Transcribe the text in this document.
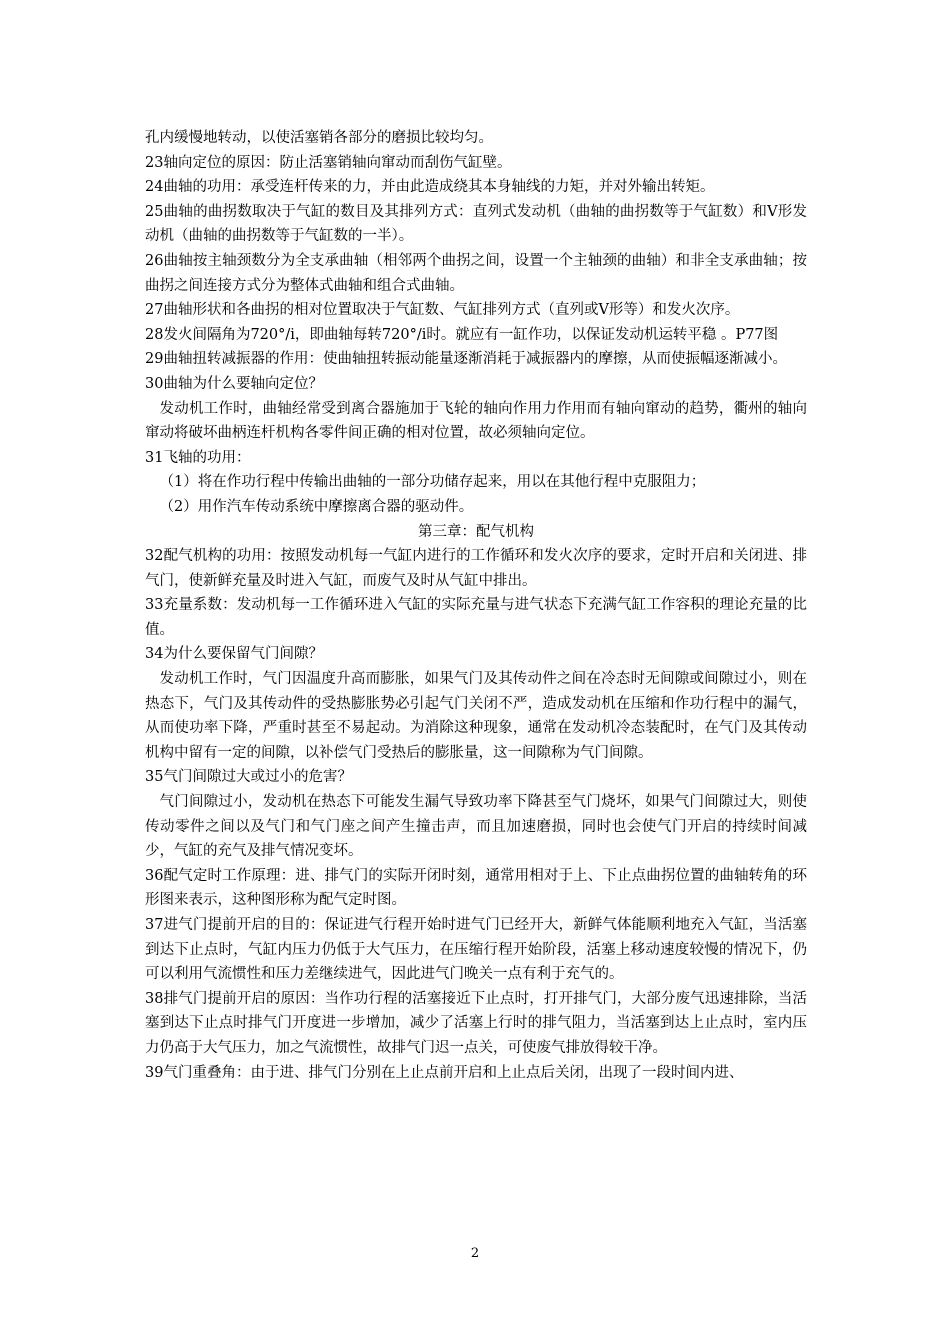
孔内缓慢地转动，以使活塞销各部分的磨损比较均匀。

23轴向定位的原因：防止活塞销轴向窜动而刮伤气缸壁。

24曲轴的功用：承受连杆传来的力，并由此造成绕其本身轴线的力矩，并对外输出转矩。

25曲轴的曲拐数取决于气缸的数目及其排列方式：直列式发动机（曲轴的曲拐数等于气缸数）和V形发动机（曲轴的曲拐数等于气缸数的一半）。

26曲轴按主轴颈数分为全支承曲轴（相邻两个曲拐之间，设置一个主轴颈的曲轴）和非全支承曲轴；按曲拐之间连接方式分为整体式曲轴和组合式曲轴。

27曲轴形状和各曲拐的相对位置取决于气缸数、气缸排列方式（直列或V形等）和发火次序。

28发火间隔角为720°/i，即曲轴每转720°/i时。就应有一缸作功，以保证发动机运转平稳 。P77图

29曲轴扭转减振器的作用：使曲轴扭转振动能量逐渐消耗于减振器内的摩擦，从而使振幅逐渐减小。

30曲轴为什么要轴向定位？

发动机工作时，曲轴经常受到离合器施加于飞轮的轴向作用力作用而有轴向窜动的趋势，衢州的轴向窜动将破坏曲柄连杆机构各零件间正确的相对位置，故必须轴向定位。

31飞轴的功用：

（1）将在作功行程中传输出曲轴的一部分功储存起来，用以在其他行程中克服阻力；

（2）用作汽车传动系统中摩擦离合器的驱动件。

第三章：配气机构

32配气机构的功用：按照发动机每一气缸内进行的工作循环和发火次序的要求，定时开启和关闭进、排气门，使新鲜充量及时进入气缸，而废气及时从气缸中排出。

33充量系数：发动机每一工作循环进入气缸的实际充量与进气状态下充满气缸工作容积的理论充量的比值。

34为什么要保留气门间隙？

发动机工作时，气门因温度升高而膨胀，如果气门及其传动件之间在冷态时无间隙或间隙过小，则在热态下，气门及其传动件的受热膨胀势必引起气门关闭不严，造成发动机在压缩和作功行程中的漏气，从而使功率下降，严重时甚至不易起动。为消除这种现象，通常在发动机冷态装配时，在气门及其传动机构中留有一定的间隙，以补偿气门受热后的膨胀量，这一间隙称为气门间隙。

35气门间隙过大或过小的危害？

气门间隙过小，发动机在热态下可能发生漏气导致功率下降甚至气门烧坏，如果气门间隙过大，则使传动零件之间以及气门和气门座之间产生撞击声，而且加速磨损，同时也会使气门开启的持续时间减少，气缸的充气及排气情况变坏。

36配气定时工作原理：进、排气门的实际开闭时刻，通常用相对于上、下止点曲拐位置的曲轴转角的环形图来表示，这种图形称为配气定时图。

37进气门提前开启的目的：保证进气行程开始时进气门已经开大，新鲜气体能顺利地充入气缸，当活塞到达下止点时，气缸内压力仍低于大气压力，在压缩行程开始阶段，活塞上移动速度较慢的情况下，仍可以利用气流惯性和压力差继续进气，因此进气门晚关一点有利于充气的。

38排气门提前开启的原因：当作功行程的活塞接近下止点时，打开排气门，大部分废气迅速排除，当活塞到达下止点时排气门开度进一步增加，减少了活塞上行时的排气阻力，当活塞到达上止点时，室内压力仍高于大气压力，加之气流惯性，故排气门迟一点关，可使废气排放得较干净。

39气门重叠角：由于进、排气门分别在上止点前开启和上止点后关闭，出现了一段时间内进、

2
